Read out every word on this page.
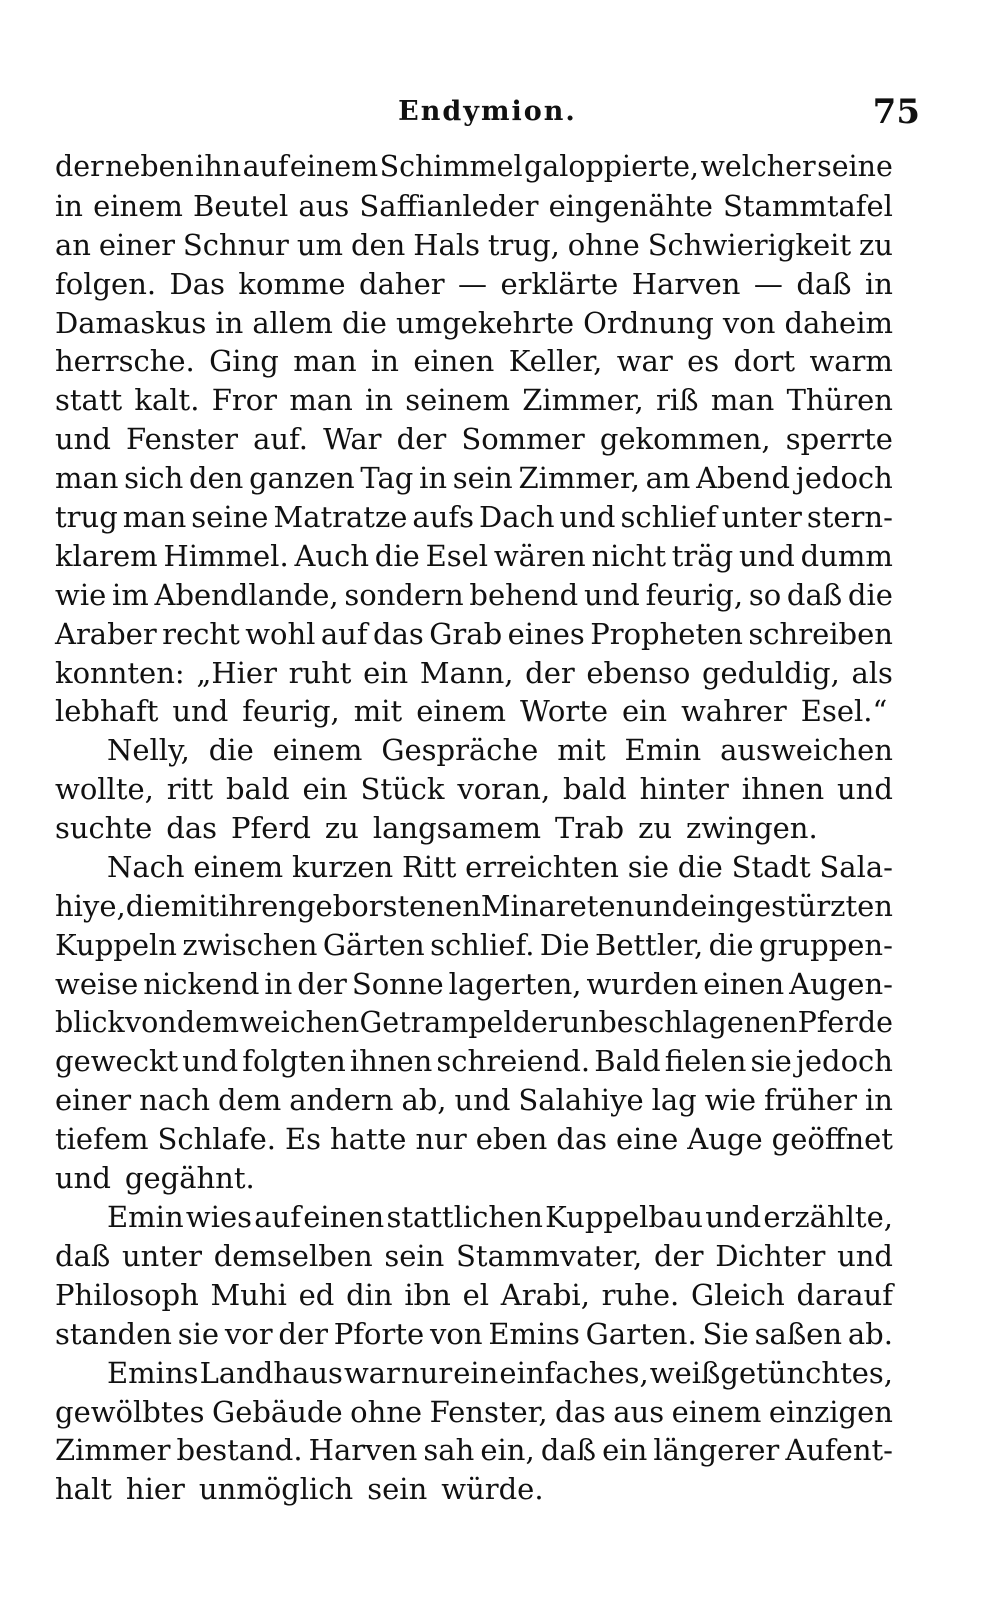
Endymion.	75
der neben ihn auf einem Schimmel galoppierte, welcher seine
in einem Beutel aus Saffianleder eingenähte Stammtafel
an einer Schnur um den Hals trug, ohne Schwierigkeit zu
folgen. Das komme daher — erklärte Harven — daß in
Damaskus in allem die umgekehrte Ordnung von daheim
herrsche. Ging man in einen Keller, war es dort warm
statt kalt. Fror man in seinem Zimmer, riß man Thüren
und Fenster auf. War der Sommer gekommen, sperrte
man sich den ganzen Tag in sein Zimmer, am Abend jedoch
trug man seine Matratze aufs Dach und schlief unter stern-
klarem Himmel. Auch die Esel wären nicht träg und dumm
wie im Abendlande, sondern behend und feurig, so daß die
Araber recht wohl auf das Grab eines Propheten schreiben
konnten: „Hier ruht ein Mann, der ebenso geduldig, als
lebhaft und feurig, mit einem Worte ein wahrer Esel.“
Nelly, die einem Gespräche mit Emin ausweichen
wollte, ritt bald ein Stück voran, bald hinter ihnen und
suchte das Pferd zu langsamem Trab zu zwingen.
Nach einem kurzen Ritt erreichten sie die Stadt Sala-
hiye, die mit ihren geborstenen Minareten und eingestürzten
Kuppeln zwischen Gärten schlief. Die Bettler, die gruppen-
weise nickend in der Sonne lagerten, wurden einen Augen-
blick von dem weichen Getrampel der unbeschlagenen Pferde
geweckt und folgten ihnen schreiend. Bald fielen sie jedoch
einer nach dem andern ab, und Salahiye lag wie früher in
tiefem Schlafe. Es hatte nur eben das eine Auge geöffnet
und gegähnt.
Emin wies auf einen stattlichen Kuppelbau und erzählte,
daß unter demselben sein Stammvater, der Dichter und
Philosoph Muhi ed din ibn el Arabi, ruhe. Gleich darauf
standen sie vor der Pforte von Emins Garten. Sie saßen ab.
Emins Landhaus war nur ein einfaches, weißgetünchtes,
gewölbtes Gebäude ohne Fenster, das aus einem einzigen
Zimmer bestand. Harven sah ein, daß ein längerer Aufent-
halt hier unmöglich sein würde.
